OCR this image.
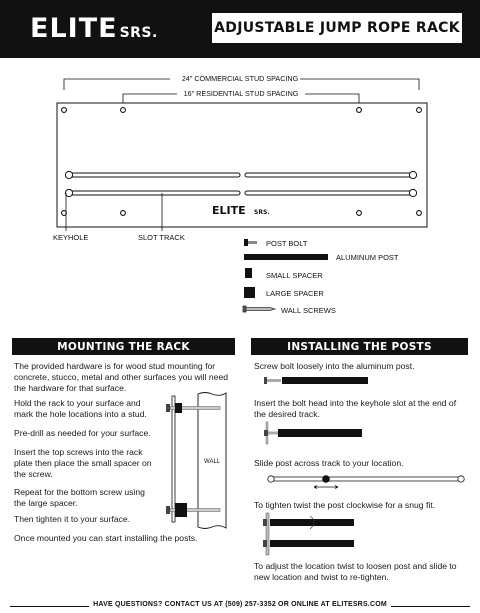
ELITE SRS.	ADJUSTABLE JUMP ROPE RACK
24" COMMERCIAL STUD SPACING
16" RESIDENTIAL STUD SPACING
ELITE SRS.
KEYHOLE	SLOT TRACK
POST BOLT
ALUMINUM POST
SMALL SPACER
LARGE SPACER
WALL SCREWS
MOUNTING THE RACK	INSTALLING THE POSTS
The provided hardware is for wood stud mounting for concrete, stucco, metal and other surfaces you will need the hardware for that surface.
Hold the rack to your surface and mark the hole locations into a stud.
Pre-drill as needed for your surface.
Insert the top screws into the rack plate then place the small spacer on the screw.
Repeat for the bottom screw using the large spacer.
Then tighten it to your surface.
Once mounted you can start installing the posts.
WALL
Screw bolt loosely into the aluminum post.
Insert the bolt head into the keyhole slot at the end of the desired track.
Slide post across track to your location.
To tighten twist the post clockwise for a snug fit.
To adjust the location twist to loosen post and slide to new location and twist to re-tighten.
HAVE QUESTIONS? CONTACT US AT (509) 257-3352 OR ONLINE AT ELITESRS.COM
